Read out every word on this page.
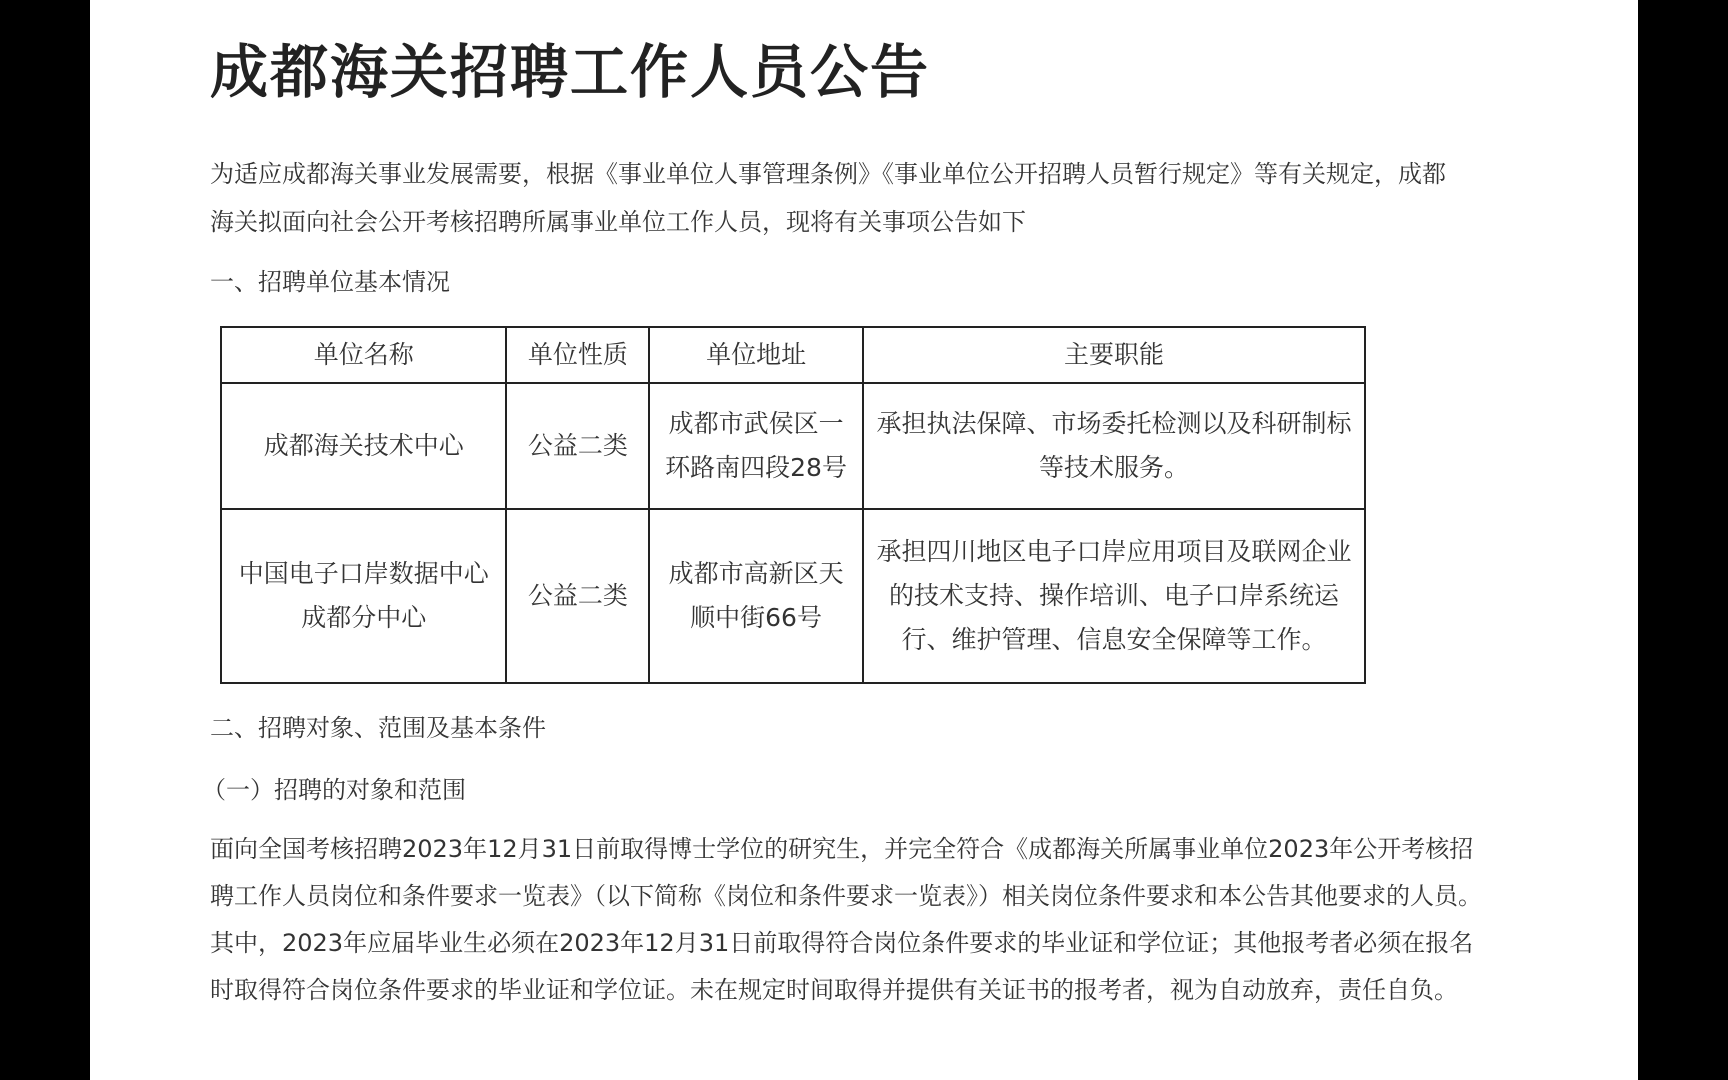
成都海关招聘工作人员公告

为适应成都海关事业发展需要，根据《事业单位人事管理条例》《事业单位公开招聘人员暂行规定》等有关规定，成都海关拟面向社会公开考核招聘所属事业单位工作人员，现将有关事项公告如下

一、招聘单位基本情况

单位名称	单位性质	单位地址	主要职能
成都海关技术中心	公益二类	成都市武侯区一环路南四段28号	承担执法保障、市场委托检测以及科研制标等技术服务。
中国电子口岸数据中心成都分中心	公益二类	成都市高新区天顺中街66号	承担四川地区电子口岸应用项目及联网企业的技术支持、操作培训、电子口岸系统运行、维护管理、信息安全保障等工作。

二、招聘对象、范围及基本条件

（一）招聘的对象和范围

面向全国考核招聘2023年12月31日前取得博士学位的研究生，并完全符合《成都海关所属事业单位2023年公开考核招聘工作人员岗位和条件要求一览表》（以下简称《岗位和条件要求一览表》）相关岗位条件要求和本公告其他要求的人员。其中，2023年应届毕业生必须在2023年12月31日前取得符合岗位条件要求的毕业证和学位证；其他报考者必须在报名时取得符合岗位条件要求的毕业证和学位证。未在规定时间取得并提供有关证书的报考者，视为自动放弃，责任自负。
